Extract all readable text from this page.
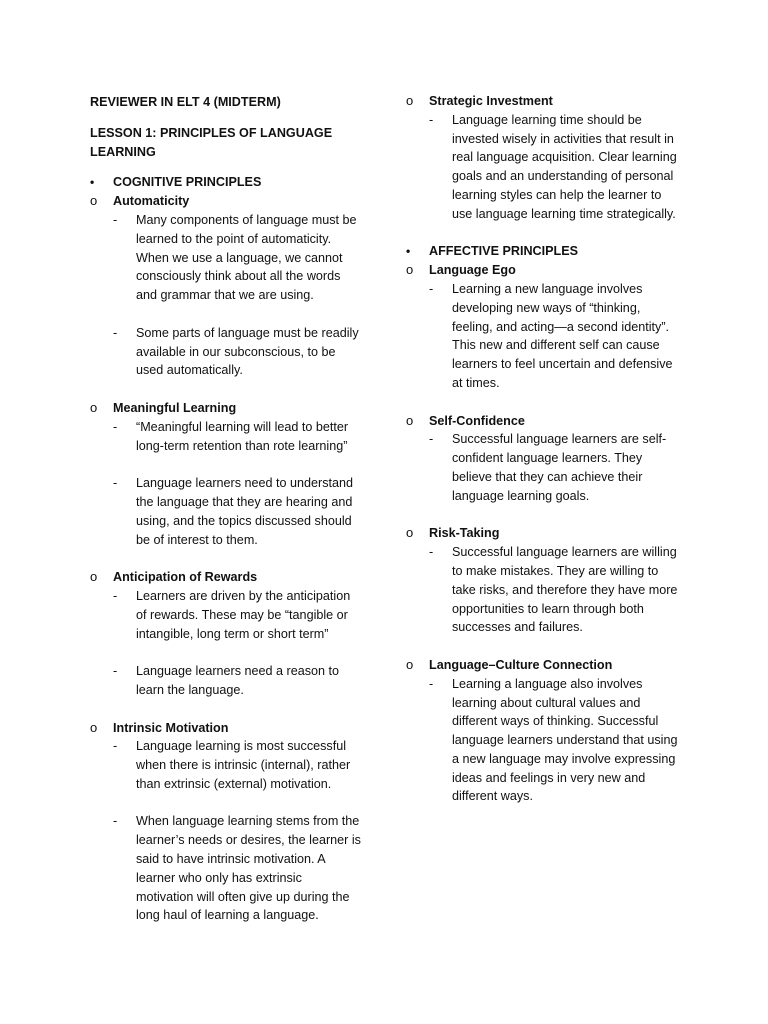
REVIEWER IN ELT 4 (MIDTERM)
LESSON 1: PRINCIPLES OF LANGUAGE
LEARNING
•	COGNITIVE PRINCIPLES
o	Automaticity
-	Many components of language must be
learned to the point of automaticity.
When we use a language, we cannot
consciously think about all the words
and grammar that we are using.
-	Some parts of language must be readily
available in our subconscious, to be
used automatically.
o	Meaningful Learning
-	“Meaningful learning will lead to better
long-term retention than rote learning”
-	Language learners need to understand
the language that they are hearing and
using, and the topics discussed should
be of interest to them.
o	Anticipation of Rewards
-	Learners are driven by the anticipation
of rewards. These may be “tangible or
intangible, long term or short term”
-	Language learners need a reason to
learn the language.
o	Intrinsic Motivation
-	Language learning is most successful
when there is intrinsic (internal), rather
than extrinsic (external) motivation.
-	When language learning stems from the
learner’s needs or desires, the learner is
said to have intrinsic motivation. A
learner who only has extrinsic
motivation will often give up during the
long haul of learning a language.
o	Strategic Investment
-	Language learning time should be
invested wisely in activities that result in
real language acquisition. Clear learning
goals and an understanding of personal
learning styles can help the learner to
use language learning time strategically.
•	AFFECTIVE PRINCIPLES
o	Language Ego
-	Learning a new language involves
developing new ways of “thinking,
feeling, and acting—a second identity”.
This new and different self can cause
learners to feel uncertain and defensive
at times.
o	Self-Confidence
-	Successful language learners are self-
confident language learners. They
believe that they can achieve their
language learning goals.
o	Risk-Taking
-	Successful language learners are willing
to make mistakes. They are willing to
take risks, and therefore they have more
opportunities to learn through both
successes and failures.
o	Language–Culture Connection
-	Learning a language also involves
learning about cultural values and
different ways of thinking. Successful
language learners understand that using
a new language may involve expressing
ideas and feelings in very new and
different ways.
